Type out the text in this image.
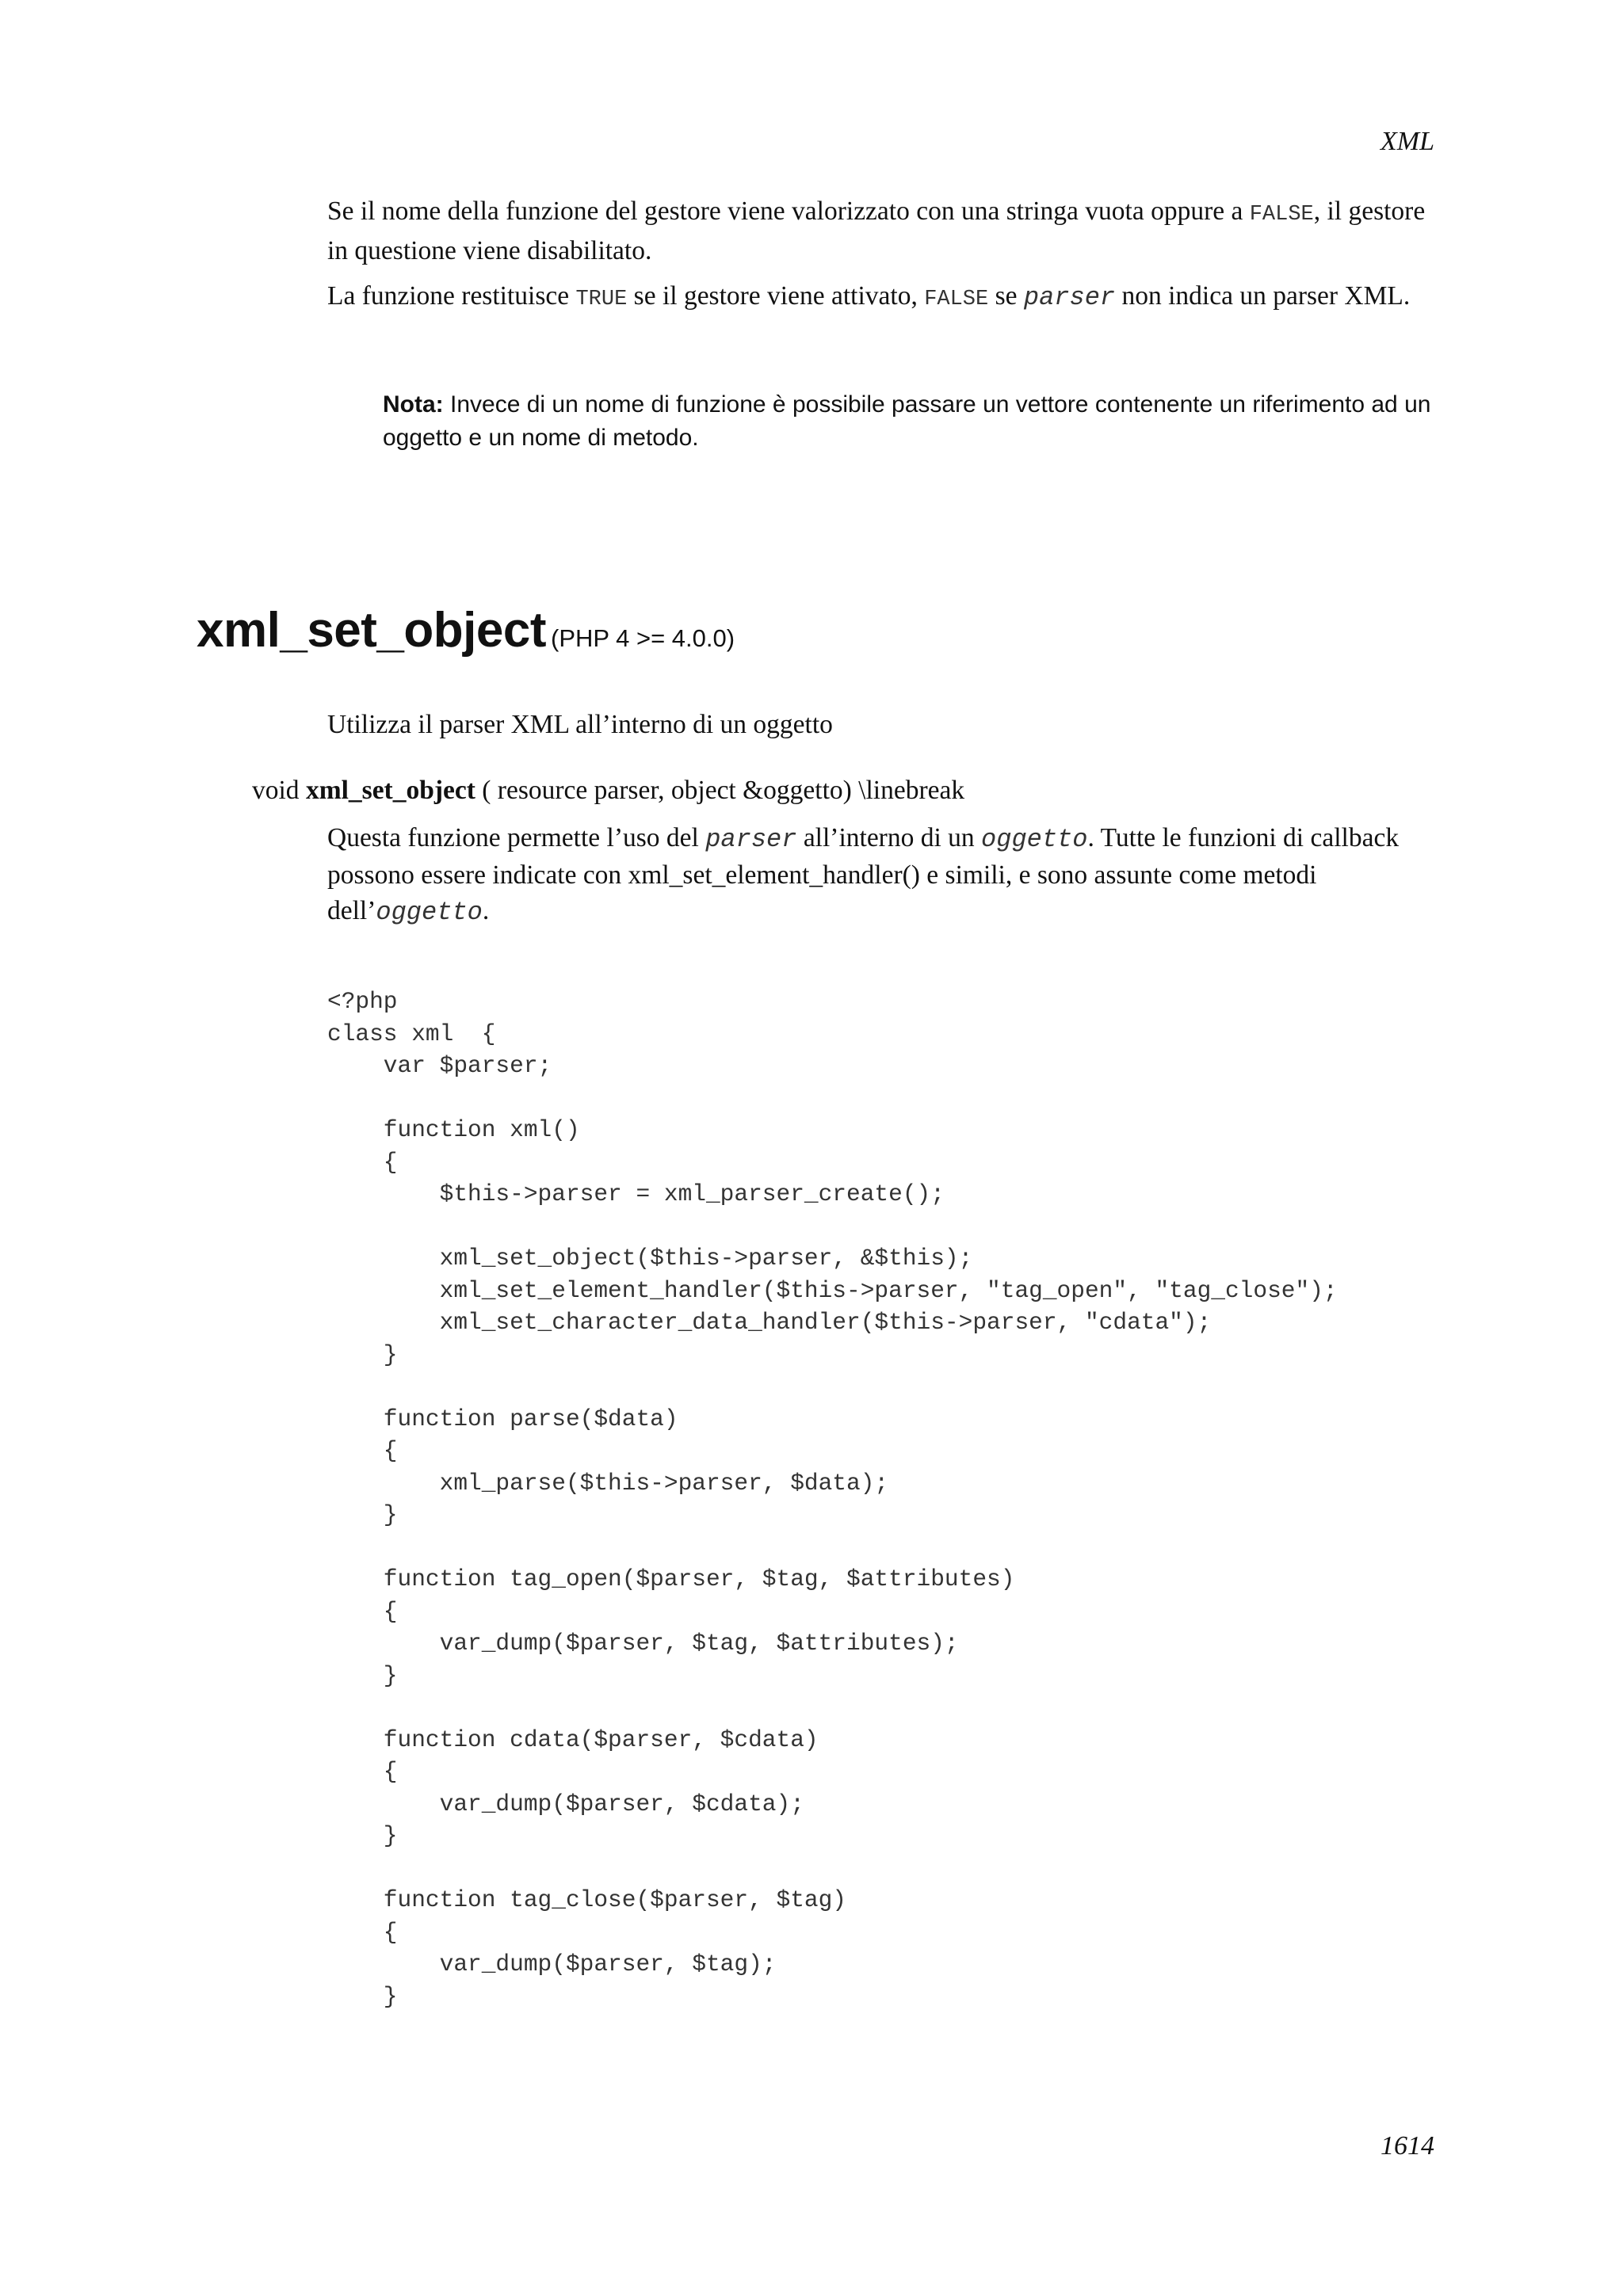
XML

Se il nome della funzione del gestore viene valorizzato con una stringa vuota oppure a FALSE, il gestore in questione viene disabilitato.

La funzione restituisce TRUE se il gestore viene attivato, FALSE se parser non indica un parser XML.

Nota: Invece di un nome di funzione è possibile passare un vettore contenente un riferimento ad un oggetto e un nome di metodo.

xml_set_object (PHP 4 >= 4.0.0)

Utilizza il parser XML all’interno di un oggetto

void xml_set_object ( resource parser, object &oggetto) \linebreak

Questa funzione permette l’uso del parser all’interno di un oggetto. Tutte le funzioni di callback possono essere indicate con xml_set_element_handler() e simili, e sono assunte come metodi dell’oggetto.

<?php
class xml  {
var $parser;

function xml()
{
$this->parser = xml_parser_create();

xml_set_object($this->parser, &$this);
xml_set_element_handler($this->parser, "tag_open", "tag_close");
xml_set_character_data_handler($this->parser, "cdata");
}

function parse($data)
{
xml_parse($this->parser, $data);
}

function tag_open($parser, $tag, $attributes)
{
var_dump($parser, $tag, $attributes);
}

function cdata($parser, $cdata)
{
var_dump($parser, $cdata);
}

function tag_close($parser, $tag)
{
var_dump($parser, $tag);
}
1614
